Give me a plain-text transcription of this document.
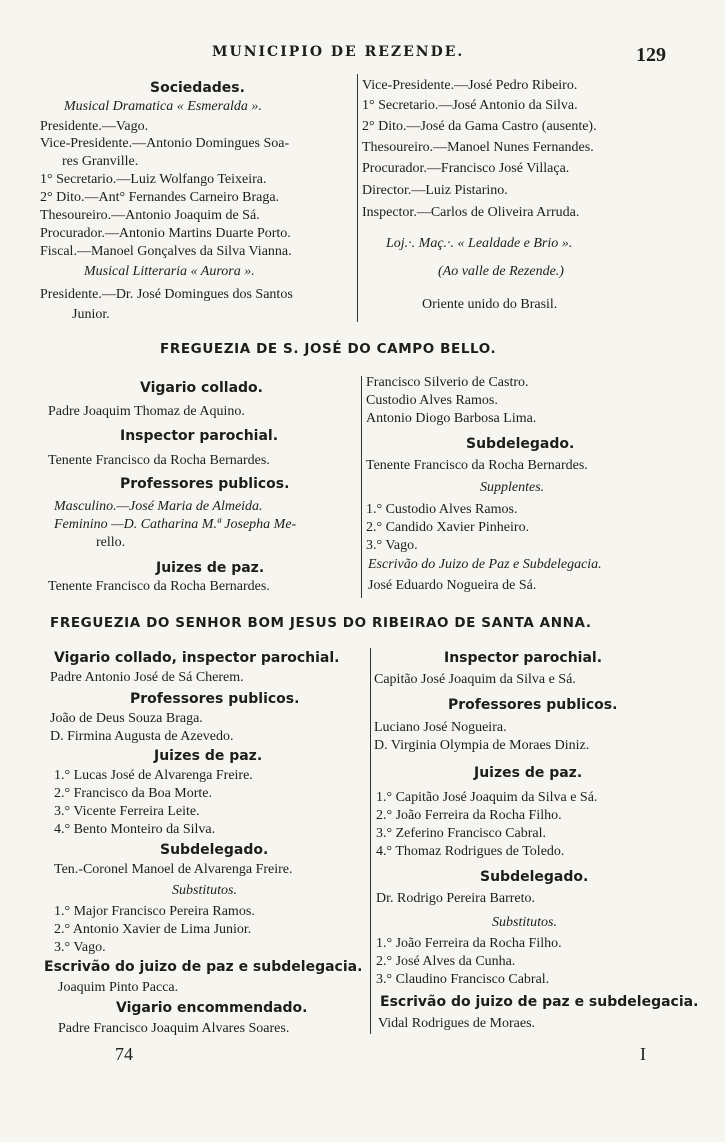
MUNICIPIO DE REZENDE.	129
Sociedades.
Musical Dramatica « Esmeralda ».
Presidente.—Vago.
Vice-Presidente.—Antonio Domingues Soa-
res Granville.
1° Secretario.—Luiz Wolfango Teixeira.
2° Dito.—Ant° Fernandes Carneiro Braga.
Thesoureiro.—Antonio Joaquim de Sá.
Procurador.—Antonio Martins Duarte Porto.
Fiscal.—Manoel Gonçalves da Silva Vianna.
Musical Litteraria « Aurora ».
Presidente.—Dr. José Domingues dos Santos
Junior.
Vice-Presidente.—José Pedro Ribeiro.
1° Secretario.—José Antonio da Silva.
2° Dito.—José da Gama Castro (ausente).
Thesoureiro.—Manoel Nunes Fernandes.
Procurador.—Francisco José Villaça.
Director.—Luiz Pistarino.
Inspector.—Carlos de Oliveira Arruda.
Loj.·. Maç.·. « Lealdade e Brio ».
(Ao valle de Rezende.)
Oriente unido do Brasil.
FREGUEZIA DE S. JOSÉ DO CAMPO BELLO.
Vigario collado.
Padre Joaquim Thomaz de Aquino.
Inspector parochial.
Tenente Francisco da Rocha Bernardes.
Professores publicos.
Masculino.—José Maria de Almeida.
Feminino —D. Catharina M.ª Josepha Me-
rello.
Juizes de paz.
Tenente Francisco da Rocha Bernardes.
Francisco Silverio de Castro.
Custodio Alves Ramos.
Antonio Diogo Barbosa Lima.
Subdelegado.
Tenente Francisco da Rocha Bernardes.
Supplentes.
1.° Custodio Alves Ramos.
2.° Candido Xavier Pinheiro.
3.° Vago.
Escrivão do Juizo de Paz e Subdelegacia.
José Eduardo Nogueira de Sá.
FREGUEZIA DO SENHOR BOM JESUS DO RIBEIRAO DE SANTA ANNA.
Vigario collado, inspector parochial.
Padre Antonio José de Sá Cherem.
Professores publicos.
João de Deus Souza Braga.
D. Firmina Augusta de Azevedo.
Juizes de paz.
1.° Lucas José de Alvarenga Freire.
2.° Francisco da Boa Morte.
3.° Vicente Ferreira Leite.
4.° Bento Monteiro da Silva.
Subdelegado.
Ten.-Coronel Manoel de Alvarenga Freire.
Substitutos.
1.° Major Francisco Pereira Ramos.
2.° Antonio Xavier de Lima Junior.
3.° Vago.
Escrivão do juizo de paz e subdelegacia.
Joaquim Pinto Pacca.
Vigario encommendado.
Padre Francisco Joaquim Alvares Soares.
Inspector parochial.
Capitão José Joaquim da Silva e Sá.
Professores publicos.
Luciano José Nogueira.
D. Virginia Olympia de Moraes Diniz.
Juizes de paz.
1.° Capitão José Joaquim da Silva e Sá.
2.° João Ferreira da Rocha Filho.
3.° Zeferino Francisco Cabral.
4.° Thomaz Rodrigues de Toledo.
Subdelegado.
Dr. Rodrigo Pereira Barreto.
Substitutos.
1.° João Ferreira da Rocha Filho.
2.° José Alves da Cunha.
3.° Claudino Francisco Cabral.
Escrivão do juizo de paz e subdelegacia.
Vidal Rodrigues de Moraes.
74	I
